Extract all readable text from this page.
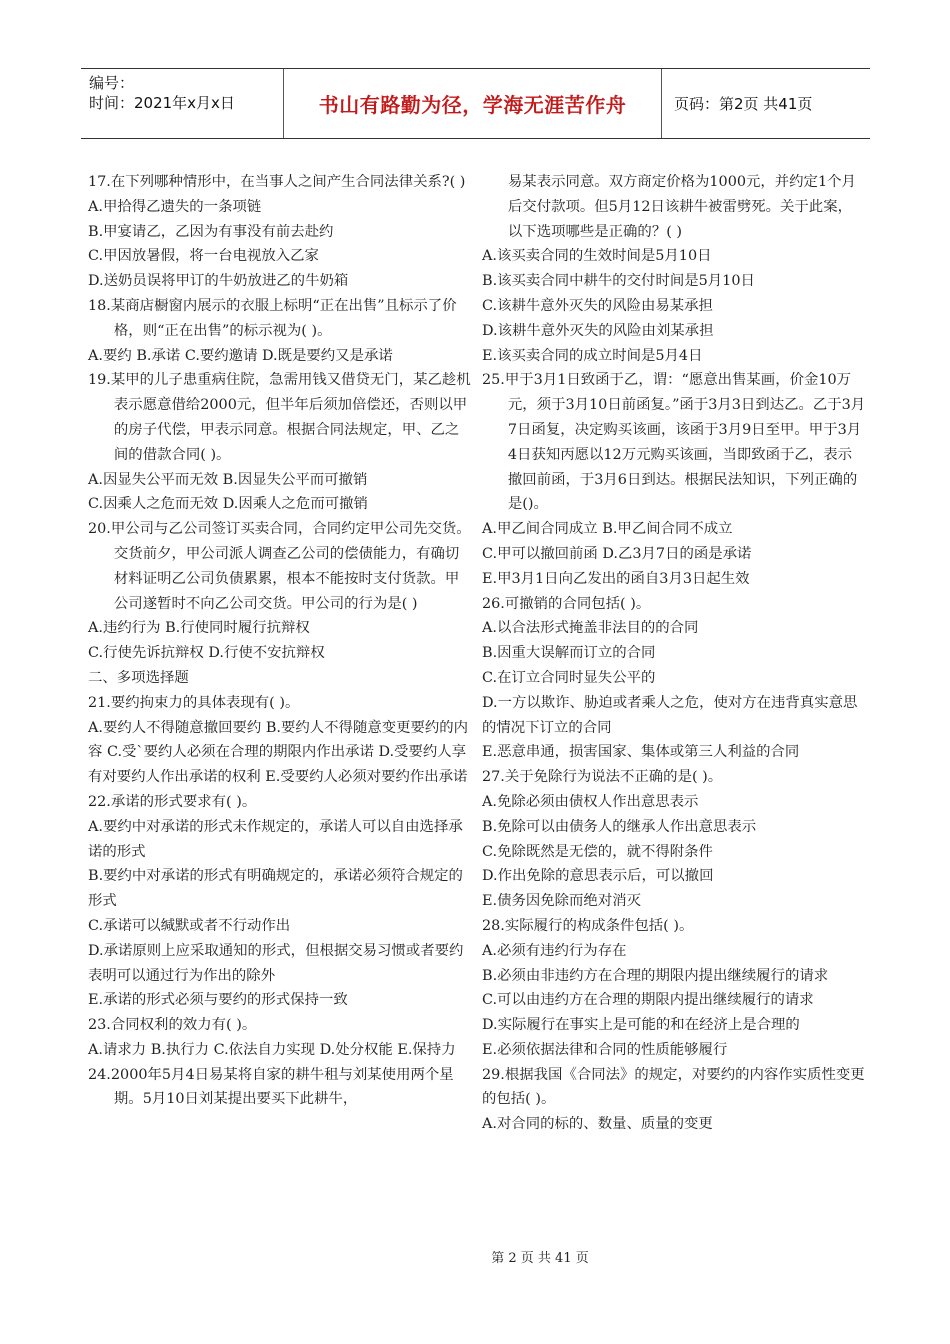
编号：
时间：2021年x月x日	书山有路勤为径，学海无涯苦作舟	页码：第2页 共41页

17.在下列哪种情形中，在当事人之间产生合同法律关系?( )

A.甲拾得乙遗失的一条项链

B.甲宴请乙，乙因为有事没有前去赴约

C.甲因放暑假，将一台电视放入乙家

D.送奶员误将甲订的牛奶放进乙的牛奶箱

18.某商店橱窗内展示的衣服上标明“正在出售”且标示了价格，则“正在出售”的标示视为( )。

A.要约 B.承诺 C.要约邀请 D.既是要约又是承诺

19.某甲的儿子患重病住院，急需用钱又借贷无门，某乙趁机表示愿意借给2000元，但半年后须加倍偿还，否则以甲的房子代偿，甲表示同意。根据合同法规定，甲、乙之间的借款合同( )。

A.因显失公平而无效 B.因显失公平而可撤销

C.因乘人之危而无效 D.因乘人之危而可撤销

20.甲公司与乙公司签订买卖合同，合同约定甲公司先交货。交货前夕，甲公司派人调查乙公司的偿债能力，有确切材料证明乙公司负债累累，根本不能按时支付货款。甲公司遂暂时不向乙公司交货。甲公司的行为是( )

A.违约行为 B.行使同时履行抗辩权

C.行使先诉抗辩权 D.行使不安抗辩权

二、多项选择题

21.要约拘束力的具体表现有( )。

A.要约人不得随意撤回要约 B.要约人不得随意变更要约的内容 C.受`要约人必须在合理的期限内作出承诺 D.受要约人享有对要约人作出承诺的权利 E.受要约人必须对要约作出承诺

22.承诺的形式要求有( )。

A.要约中对承诺的形式未作规定的，承诺人可以自由选择承诺的形式

B.要约中对承诺的形式有明确规定的，承诺必须符合规定的形式

C.承诺可以缄默或者不行动作出

D.承诺原则上应采取通知的形式，但根据交易习惯或者要约表明可以通过行为作出的除外

E.承诺的形式必须与要约的形式保持一致

23.合同权利的效力有( )。

A.请求力 B.执行力 C.依法自力实现 D.处分权能 E.保持力

24.2000年5月4日易某将自家的耕牛租与刘某使用两个星期。5月10日刘某提出要买下此耕牛，

易某表示同意。双方商定价格为1000元，并约定1个月后交付款项。但5月12日该耕牛被雷劈死。关于此案，以下选项哪些是正确的？( )

A.该买卖合同的生效时间是5月10日

B.该买卖合同中耕牛的交付时间是5月10日

C.该耕牛意外灭失的风险由易某承担

D.该耕牛意外灭失的风险由刘某承担

E.该买卖合同的成立时间是5月4日

25.甲于3月1日致函于乙，谓：“愿意出售某画，价金10万元，须于3月10日前函复。”函于3月3日到达乙。乙于3月7日函复，决定购买该画，该函于3月9日至甲。甲于3月4日获知丙愿以12万元购买该画，当即致函于乙，表示撤回前函，于3月6日到达。根据民法知识，下列正确的是()。

A.甲乙间合同成立 B.甲乙间合同不成立

C.甲可以撤回前函 D.乙3月7日的函是承诺

E.甲3月1日向乙发出的函自3月3日起生效

26.可撤销的合同包括( )。

A.以合法形式掩盖非法目的的合同

B.因重大误解而订立的合同

C.在订立合同时显失公平的

D.一方以欺诈、胁迫或者乘人之危，使对方在违背真实意思的情况下订立的合同

E.恶意串通，损害国家、集体或第三人利益的合同

27.关于免除行为说法不正确的是( )。

A.免除必须由债权人作出意思表示

B.免除可以由债务人的继承人作出意思表示

C.免除既然是无偿的，就不得附条件

D.作出免除的意思表示后，可以撤回

E.债务因免除而绝对消灭

28.实际履行的构成条件包括( )。

A.必须有违约行为存在

B.必须由非违约方在合理的期限内提出继续履行的请求

C.可以由违约方在合理的期限内提出继续履行的请求

D.实际履行在事实上是可能的和在经济上是合理的

E.必须依据法律和合同的性质能够履行

29.根据我国《合同法》的规定，对要约的内容作实质性变更的包括( )。

A.对合同的标的、数量、质量的变更

第 2 页 共 41 页
